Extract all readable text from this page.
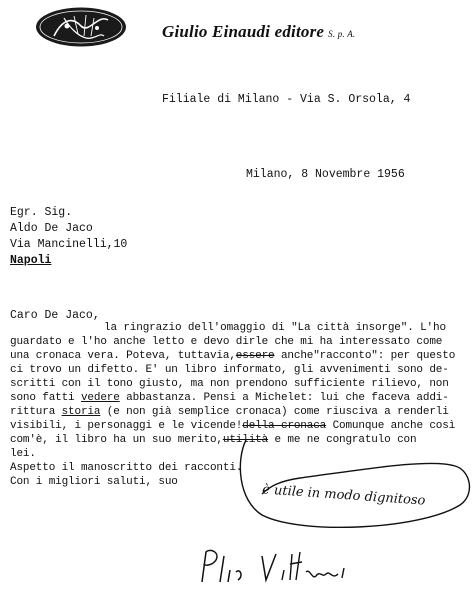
Giulio Einaudi editore S. p. A.
Filiale di Milano - Via S. Orsola, 4
Milano, 8 Novembre 1956
Egr. Sig.
Aldo De Jaco
Via Mancinelli,10
Napoli
Caro De Jaco,
la ringrazio dell'omaggio di "La città insorge". L'ho
guardato e l'ho anche letto e devo dirle che mi ha interessato come
una cronaca vera. Poteva, tuttavia,essere anche"racconto": per questo
ci trovo un difetto. E' un libro informato, gli avvenimenti sono de-
scritti con il tono giusto, ma non prendono sufficiente rilievo, non
sono fatti vedere abbastanza. Pensi a Michelet: lui che faceva addi-
rittura storia (e non già semplice cronaca) come riusciva a renderli
visibili, i personaggi e le vicende!della cronaca Comunque anche così
com'è, il libro ha un suo merito,utilità e me ne congratulo con
lei.
Aspetto il manoscritto dei racconti.
Con i migliori saluti, suo
è utile in modo dignitoso
